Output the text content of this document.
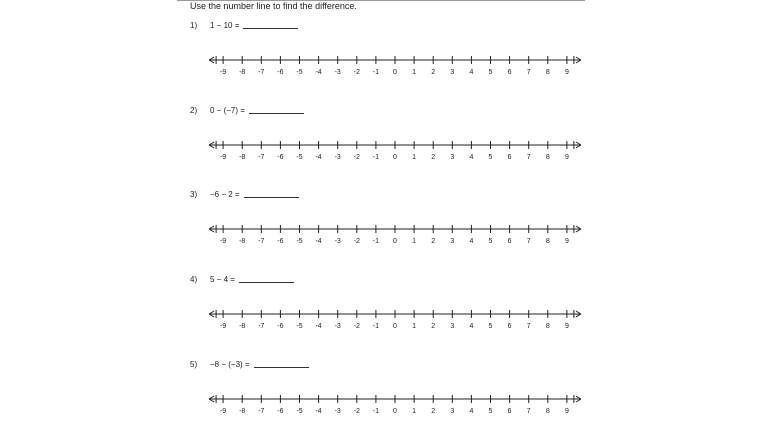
Use the number line to find the difference.
1)	1 − 10 =
-9 -8 -7 -6 -5 -4 -3 -2 -1 0 1 2 3 4 5 6 7 8 9
2)	0 − (−7) =
-9 -8 -7 -6 -5 -4 -3 -2 -1 0 1 2 3 4 5 6 7 8 9
3)	−6 − 2 =
-9 -8 -7 -6 -5 -4 -3 -2 -1 0 1 2 3 4 5 6 7 8 9
4)	5 − 4 =
-9 -8 -7 -6 -5 -4 -3 -2 -1 0 1 2 3 4 5 6 7 8 9
5)	−8 − (−3) =
-9 -8 -7 -6 -5 -4 -3 -2 -1 0 1 2 3 4 5 6 7 8 9
